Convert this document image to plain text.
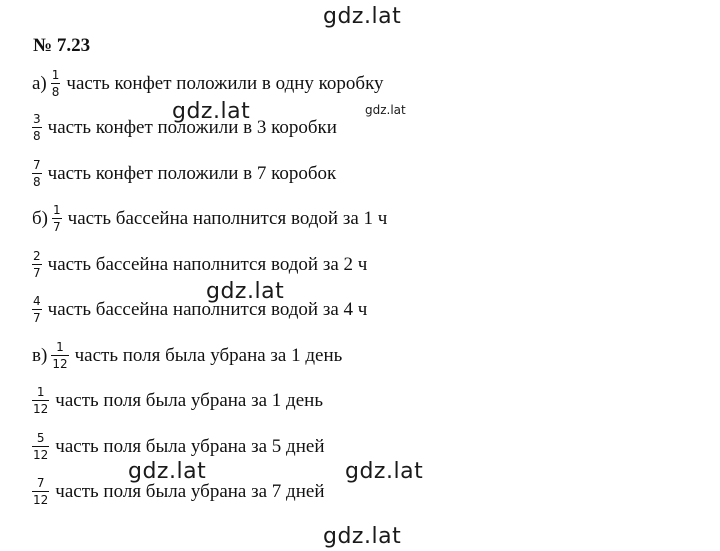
gdz.lat
gdz.lat	gdz.lat
gdz.lat
gdz.lat	gdz.lat
gdz.lat
№ 7.23
$а) \frac{1}{8}$ часть конфет положили в одну коробку
$\frac{3}{8}$ часть конфет положили в 3 коробки
$\frac{7}{8}$ часть конфет положили в 7 коробок
$б) \frac{1}{7}$ часть бассейна наполнится водой за 1 ч
$\frac{2}{7}$ часть бассейна наполнится водой за 2 ч
$\frac{4}{7}$ часть бассейна наполнится водой за 4 ч
$в) \frac{1}{12}$ часть поля была убрана за 1 день
$\frac{1}{12}$ часть поля была убрана за 1 день
$\frac{5}{12}$ часть поля была убрана за 5 дней
$\frac{7}{12}$ часть поля была убрана за 7 дней
